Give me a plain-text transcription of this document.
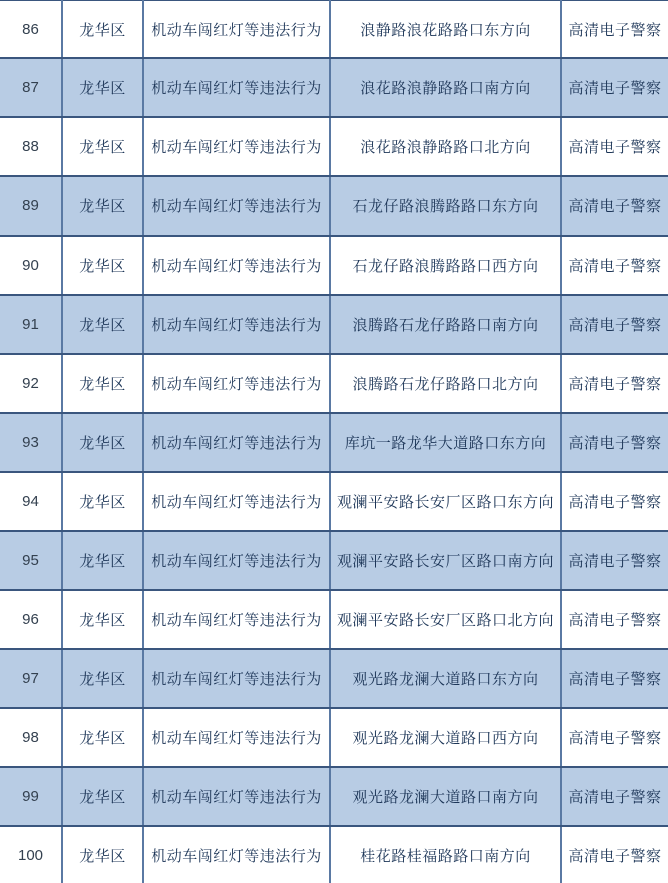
86	龙华区	机动车闯红灯等违法行为	浪静路浪花路路口东方向	高清电子警察
87	龙华区	机动车闯红灯等违法行为	浪花路浪静路路口南方向	高清电子警察
88	龙华区	机动车闯红灯等违法行为	浪花路浪静路路口北方向	高清电子警察
89	龙华区	机动车闯红灯等违法行为	石龙仔路浪腾路路口东方向	高清电子警察
90	龙华区	机动车闯红灯等违法行为	石龙仔路浪腾路路口西方向	高清电子警察
91	龙华区	机动车闯红灯等违法行为	浪腾路石龙仔路路口南方向	高清电子警察
92	龙华区	机动车闯红灯等违法行为	浪腾路石龙仔路路口北方向	高清电子警察
93	龙华区	机动车闯红灯等违法行为	库坑一路龙华大道路口东方向	高清电子警察
94	龙华区	机动车闯红灯等违法行为	观澜平安路长安厂区路口东方向	高清电子警察
95	龙华区	机动车闯红灯等违法行为	观澜平安路长安厂区路口南方向	高清电子警察
96	龙华区	机动车闯红灯等违法行为	观澜平安路长安厂区路口北方向	高清电子警察
97	龙华区	机动车闯红灯等违法行为	观光路龙澜大道路口东方向	高清电子警察
98	龙华区	机动车闯红灯等违法行为	观光路龙澜大道路口西方向	高清电子警察
99	龙华区	机动车闯红灯等违法行为	观光路龙澜大道路口南方向	高清电子警察
100	龙华区	机动车闯红灯等违法行为	桂花路桂福路路口南方向	高清电子警察
